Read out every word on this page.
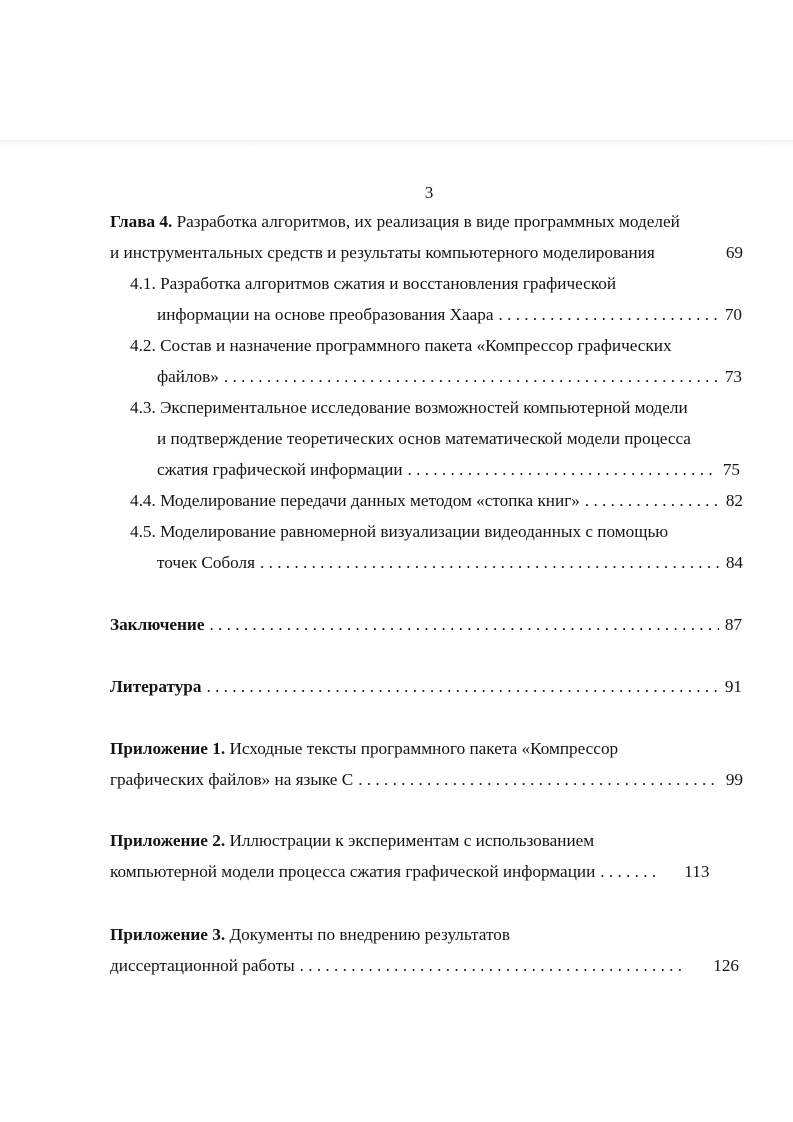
3
Глава 4. Разработка алгоритмов, их реализация в виде программных моделей
и инструментальных средств и результаты компьютерного моделирования	69
4.1. Разработка алгоритмов сжатия и восстановления графической
информации на основе преобразования Хаара . . .	70
4.2. Состав и назначение программного пакета «Компрессор графических
файлов» . . .	73
4.3. Экспериментальное исследование возможностей компьютерной модели
и подтверждение теоретических основ математической модели процесса
сжатия графической информации . . .	75
4.4. Моделирование передачи данных методом «стопка книг» . . .	82
4.5. Моделирование равномерной визуализации видеоданных с помощью
точек Соболя . . .	84
Заключение . . .	87
Литература . . .	91
Приложение 1. Исходные тексты программного пакета «Компрессор
графических файлов» на языке С . . .	99
Приложение 2. Иллюстрации к экспериментам с использованием
компьютерной модели процесса сжатия графической информации . . .	113
Приложение 3. Документы по внедрению результатов
диссертационной работы . . .	126
